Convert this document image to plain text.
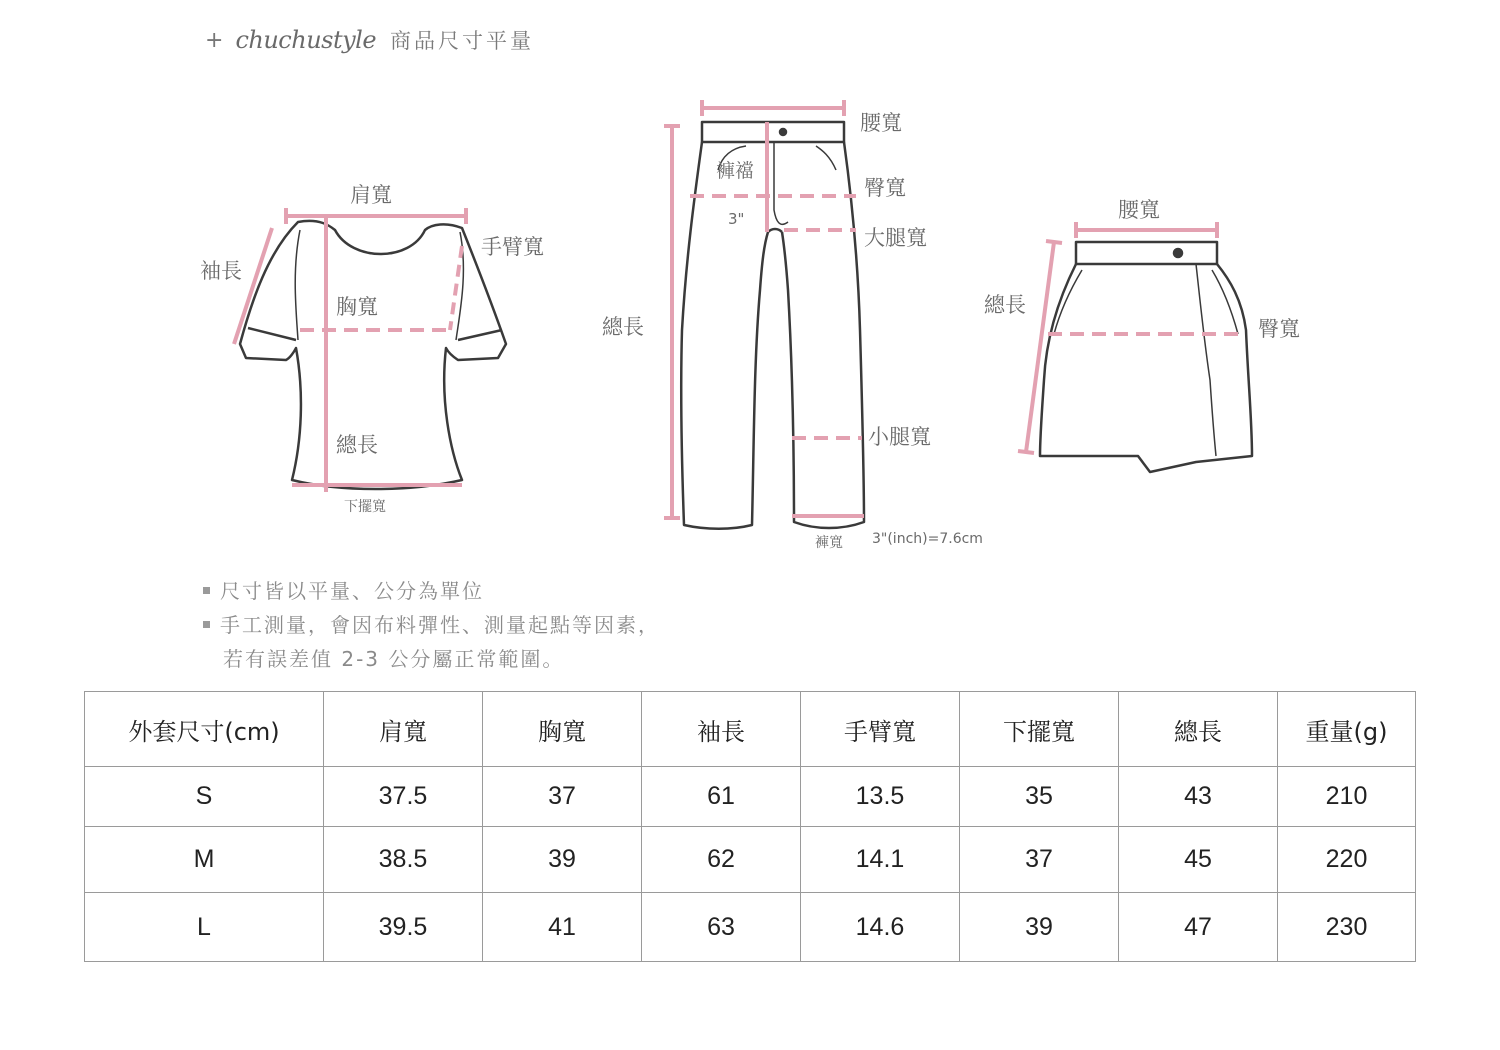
+ chuchustyle 商品尺寸平量
肩寬
袖長
手臂寬
胸寬
總長
下擺寬
腰寬
褲襠
3"
臀寬
大腿寬
總長
小腿寬
褲寬 3"(inch)=7.6cm
腰寬
總長
臀寬
尺寸皆以平量、公分為單位
手工測量，會因布料彈性、測量起點等因素，
若有誤差值 2-3 公分屬正常範圍。
外套尺寸(cm)	肩寬	胸寬	袖長	手臂寬	下擺寬	總長	重量(g)
S	37.5	37	61	13.5	35	43	210
M	38.5	39	62	14.1	37	45	220
L	39.5	41	63	14.6	39	47	230
